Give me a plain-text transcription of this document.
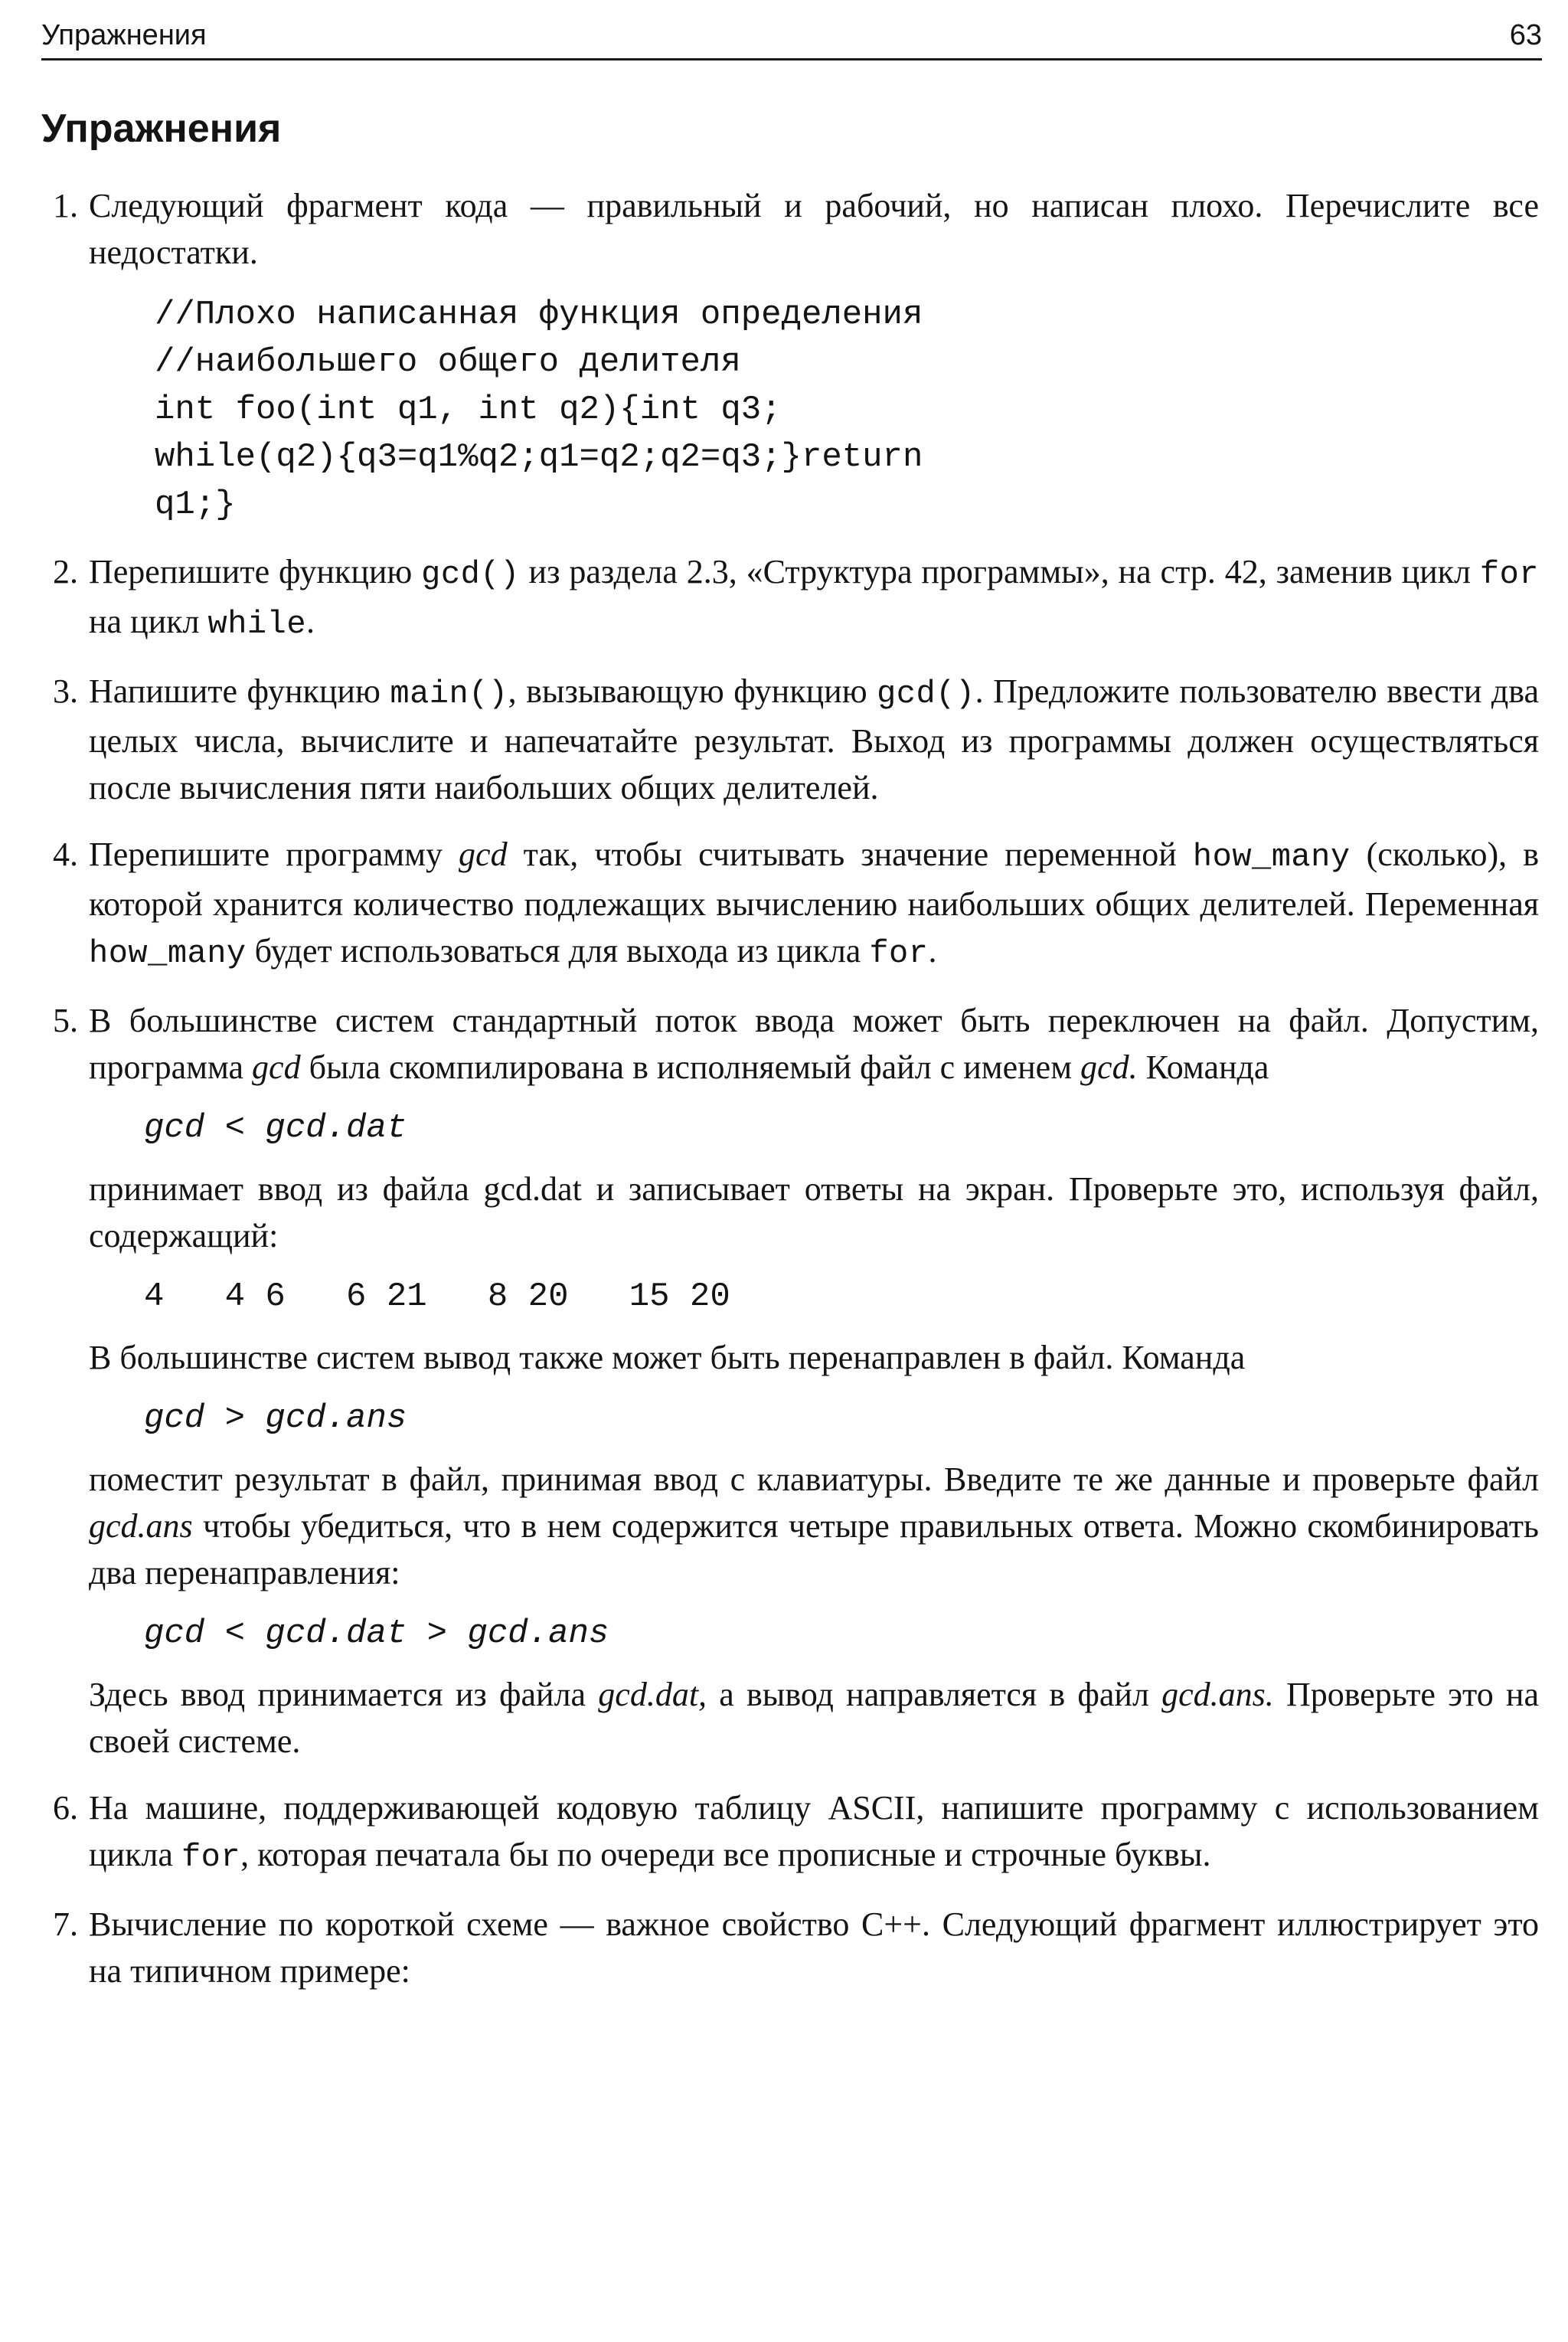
Упражнения	63
Упражнения
1. Следующий фрагмент кода — правильный и рабочий, но написан плохо. Перечислите все недостатки.

//Плохо написанная функция определения
//наибольшего общего делителя
int foo(int q1, int q2){int q3;
while(q2){q3=q1%q2;q1=q2;q2=q3;}return
q1;}
2. Перепишите функцию gcd() из раздела 2.3, «Структура программы», на стр. 42, заменив цикл for на цикл while.

3. Напишите функцию main(), вызывающую функцию gcd(). Предложите пользователю ввести два целых числа, вычислите и напечатайте результат. Выход из программы должен осуществляться после вычисления пяти наибольших общих делителей.

4. Перепишите программу gcd так, чтобы считывать значение переменной how_many (сколько), в которой хранится количество подлежащих вычислению наибольших общих делителей. Переменная how_many будет использоваться для выхода из цикла for.

5. В большинстве систем стандартный поток ввода может быть переключен на файл. Допустим, программа gcd была скомпилирована в исполняемый файл с именем gcd. Команда

gcd < gcd.dat

принимает ввод из файла gcd.dat и записывает ответы на экран. Проверьте это, используя файл, содержащий:

4   4 6   6 21   8 20   15 20

В большинстве систем вывод также может быть перенаправлен в файл. Команда

gcd > gcd.ans

поместит результат в файл, принимая ввод с клавиатуры. Введите те же данные и проверьте файл gcd.ans чтобы убедиться, что в нем содержится четыре правильных ответа. Можно скомбинировать два перенаправления:

gcd < gcd.dat > gcd.ans

Здесь ввод принимается из файла gcd.dat, а вывод направляется в файл gcd.ans. Проверьте это на своей системе.

6. На машине, поддерживающей кодовую таблицу ASCII, напишите программу с использованием цикла for, которая печатала бы по очереди все прописные и строчные буквы.

7. Вычисление по короткой схеме — важное свойство C++. Следующий фрагмент иллюстрирует это на типичном примере:
